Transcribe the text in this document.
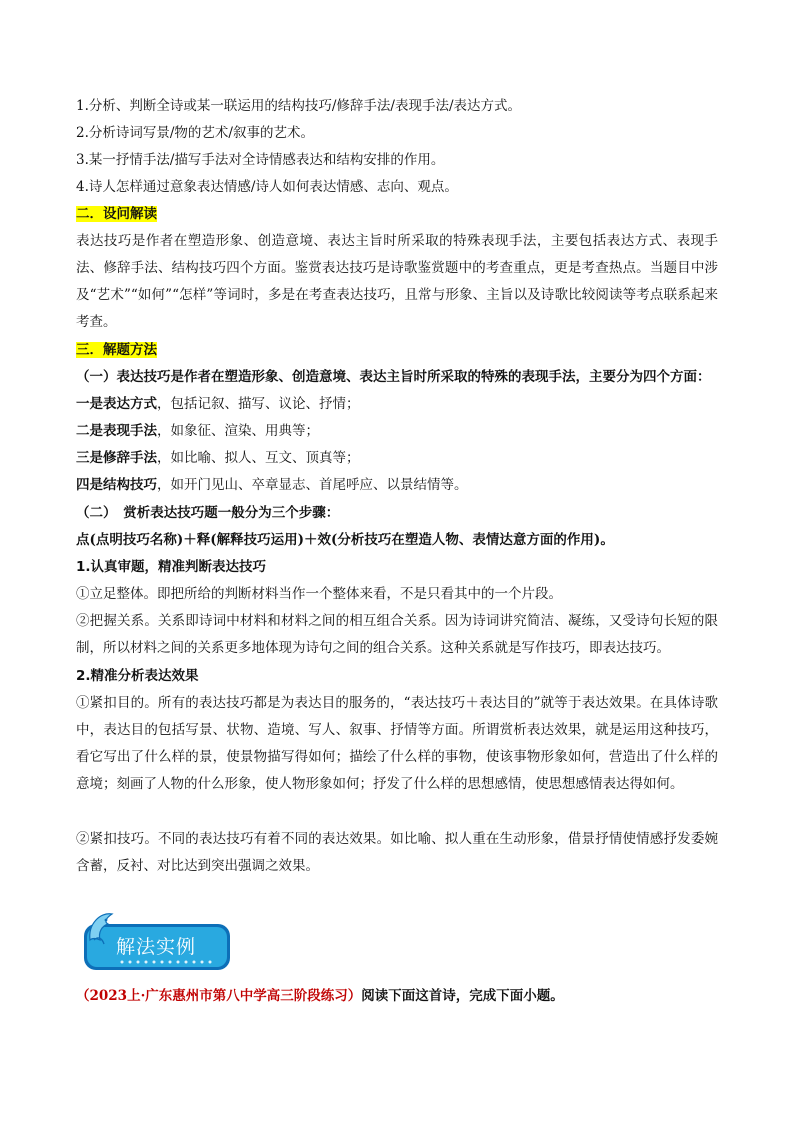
1.分析、判断全诗或某一联运用的结构技巧/修辞手法/表现手法/表达方式。
2.分析诗词写景/物的艺术/叙事的艺术。
3.某一抒情手法/描写手法对全诗情感表达和结构安排的作用。
4.诗人怎样通过意象表达情感/诗人如何表达情感、志向、观点。
二．设问解读
表达技巧是作者在塑造形象、创造意境、表达主旨时所采取的特殊表现手法，主要包括表达方式、表现手法、修辞手法、结构技巧四个方面。鉴赏表达技巧是诗歌鉴赏题中的考查重点，更是考查热点。当题目中涉及“艺术”“如何”“怎样”等词时，多是在考查表达技巧，且常与形象、主旨以及诗歌比较阅读等考点联系起来考查。
三．解题方法
（一）表达技巧是作者在塑造形象、创造意境、表达主旨时所采取的特殊的表现手法，主要分为四个方面：
一是表达方式，包括记叙、描写、议论、抒情；
二是表现手法，如象征、渲染、用典等；
三是修辞手法，如比喻、拟人、互文、顶真等；
四是结构技巧，如开门见山、卒章显志、首尾呼应、以景结情等。
（二）　赏析表达技巧题一般分为三个步骤：
点(点明技巧名称)＋释(解释技巧运用)＋效(分析技巧在塑造人物、表情达意方面的作用)。
1.认真审题，精准判断表达技巧
①立足整体。即把所给的判断材料当作一个整体来看，不是只看其中的一个片段。
②把握关系。关系即诗词中材料和材料之间的相互组合关系。因为诗词讲究简洁、凝练，又受诗句长短的限制，所以材料之间的关系更多地体现为诗句之间的组合关系。这种关系就是写作技巧，即表达技巧。
2.精准分析表达效果
①紧扣目的。所有的表达技巧都是为表达目的服务的，“表达技巧＋表达目的”就等于表达效果。在具体诗歌中，表达目的包括写景、状物、造境、写人、叙事、抒情等方面。所谓赏析表达效果，就是运用这种技巧，看它写出了什么样的景，使景物描写得如何；描绘了什么样的事物，使该事物形象如何，营造出了什么样的意境；刻画了人物的什么形象，使人物形象如何；抒发了什么样的思想感情，使思想感情表达得如何。
②紧扣技巧。不同的表达技巧有着不同的表达效果。如比喻、拟人重在生动形象，借景抒情使情感抒发委婉含蓄，反衬、对比达到突出强调之效果。
解法实例
（2023上·广东惠州市第八中学高三阶段练习）阅读下面这首诗，完成下面小题。
